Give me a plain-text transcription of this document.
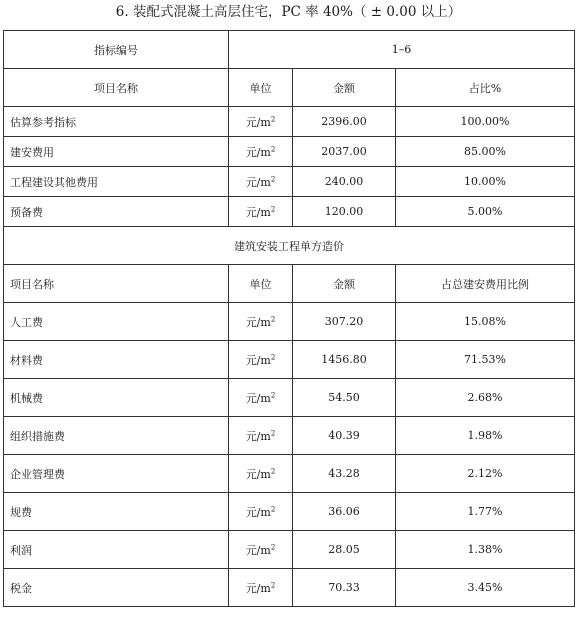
6. 装配式混凝土高层住宅，PC 率 40%（ ± 0.00 以上）
指标编号	1–6		
项目名称	单位	金额	占比%
估算参考指标	元$/m^2$	2396.00	100.00%
建安费用	元$/m^2$	2037.00	85.00%
工程建设其他费用	元$/m^2$	240.00	10.00%
预备费	元$/m^2$	120.00	5.00%
建筑安装工程单方造价			
项目名称	单位	金额	占总建安费用比例
人工费	元$/m^2$	307.20	15.08%
材料费	元$/m^2$	1456.80	71.53%
机械费	元$/m^2$	54.50	2.68%
组织措施费	元$/m^2$	40.39	1.98%
企业管理费	元$/m^2$	43.28	2.12%
规费	元$/m^2$	36.06	1.77%
利润	元$/m^2$	28.05	1.38%
税金	元$/m^2$	70.33	3.45%
